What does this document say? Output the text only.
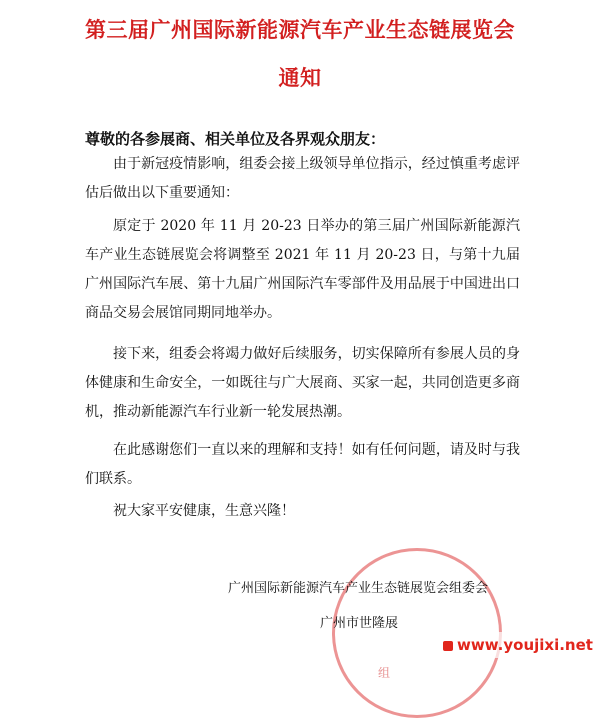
第三届广州国际新能源汽车产业生态链展览会
通知
尊敬的各参展商、相关单位及各界观众朋友：
由于新冠疫情影响，组委会接上级领导单位指示，经过慎重考虑评估后做出以下重要通知：
原定于 2020 年 11 月 20-23 日举办的第三届广州国际新能源汽车产业生态链展览会将调整至 2021 年 11 月 20-23 日，与第十九届广州国际汽车展、第十九届广州国际汽车零部件及用品展于中国进出口商品交易会展馆同期同地举办。
接下来，组委会将竭力做好后续服务，切实保障所有参展人员的身体健康和生命安全，一如既往与广大展商、买家一起，共同创造更多商机，推动新能源汽车行业新一轮发展热潮。
在此感谢您们一直以来的理解和支持！如有任何问题，请及时与我们联系。
祝大家平安健康，生意兴隆！
组
广州国际新能源汽车产业生态链展览会组委会
广州市世隆展
www.youjixi.net
